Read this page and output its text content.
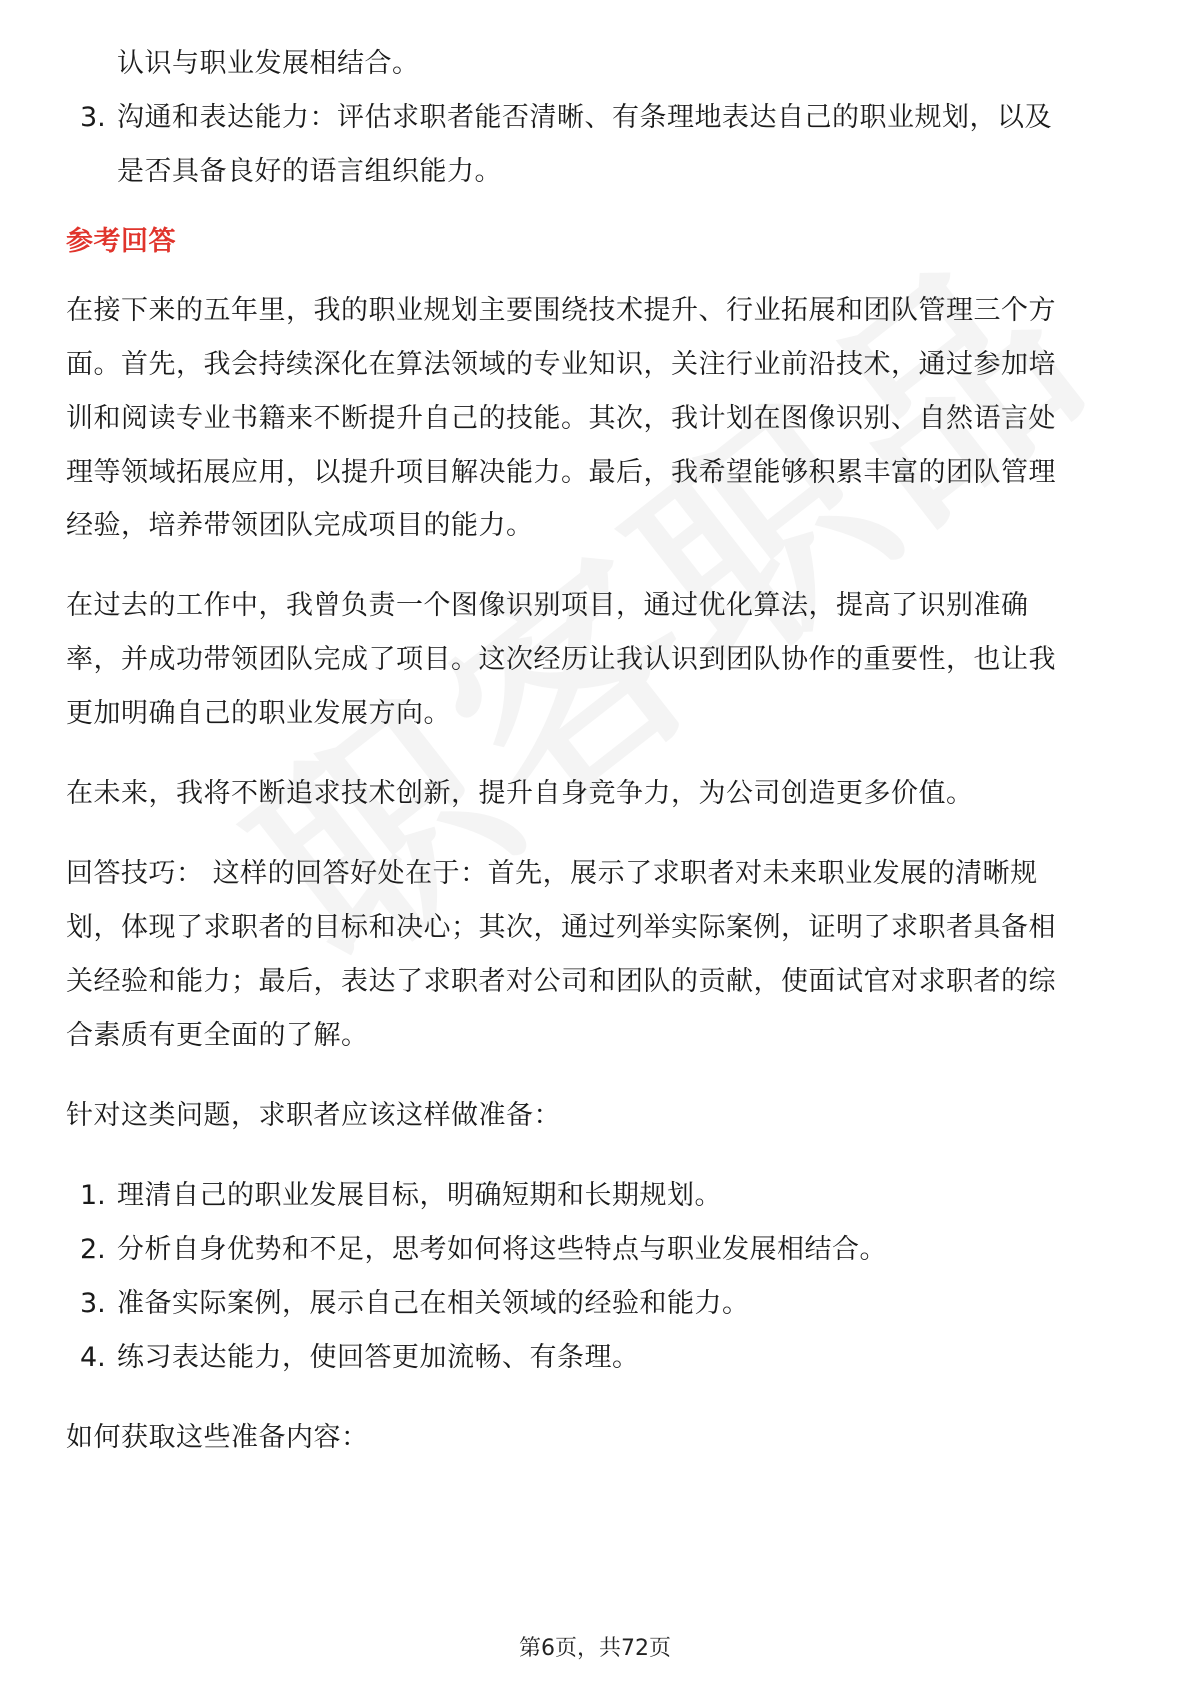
认识与职业发展相结合。
3. 沟通和表达能力：评估求职者能否清晰、有条理地表达自己的职业规划，以及
是否具备良好的语言组织能力。
参考回答
在接下来的五年里，我的职业规划主要围绕技术提升、行业拓展和团队管理三个方
面。首先，我会持续深化在算法领域的专业知识，关注行业前沿技术，通过参加培
训和阅读专业书籍来不断提升自己的技能。其次，我计划在图像识别、自然语言处
理等领域拓展应用，以提升项目解决能力。最后，我希望能够积累丰富的团队管理
经验，培养带领团队完成项目的能力。
在过去的工作中，我曾负责一个图像识别项目，通过优化算法，提高了识别准确
率，并成功带领团队完成了项目。这次经历让我认识到团队协作的重要性，也让我
更加明确自己的职业发展方向。
在未来，我将不断追求技术创新，提升自身竞争力，为公司创造更多价值。
回答技巧： 这样的回答好处在于：首先，展示了求职者对未来职业发展的清晰规
划，体现了求职者的目标和决心；其次，通过列举实际案例，证明了求职者具备相
关经验和能力；最后，表达了求职者对公司和团队的贡献，使面试官对求职者的综
合素质有更全面的了解。
针对这类问题，求职者应该这样做准备：
1. 理清自己的职业发展目标，明确短期和长期规划。
2. 分析自身优势和不足，思考如何将这些特点与职业发展相结合。
3. 准备实际案例，展示自己在相关领域的经验和能力。
4. 练习表达能力，使回答更加流畅、有条理。
如何获取这些准备内容：
第6页，共72页
